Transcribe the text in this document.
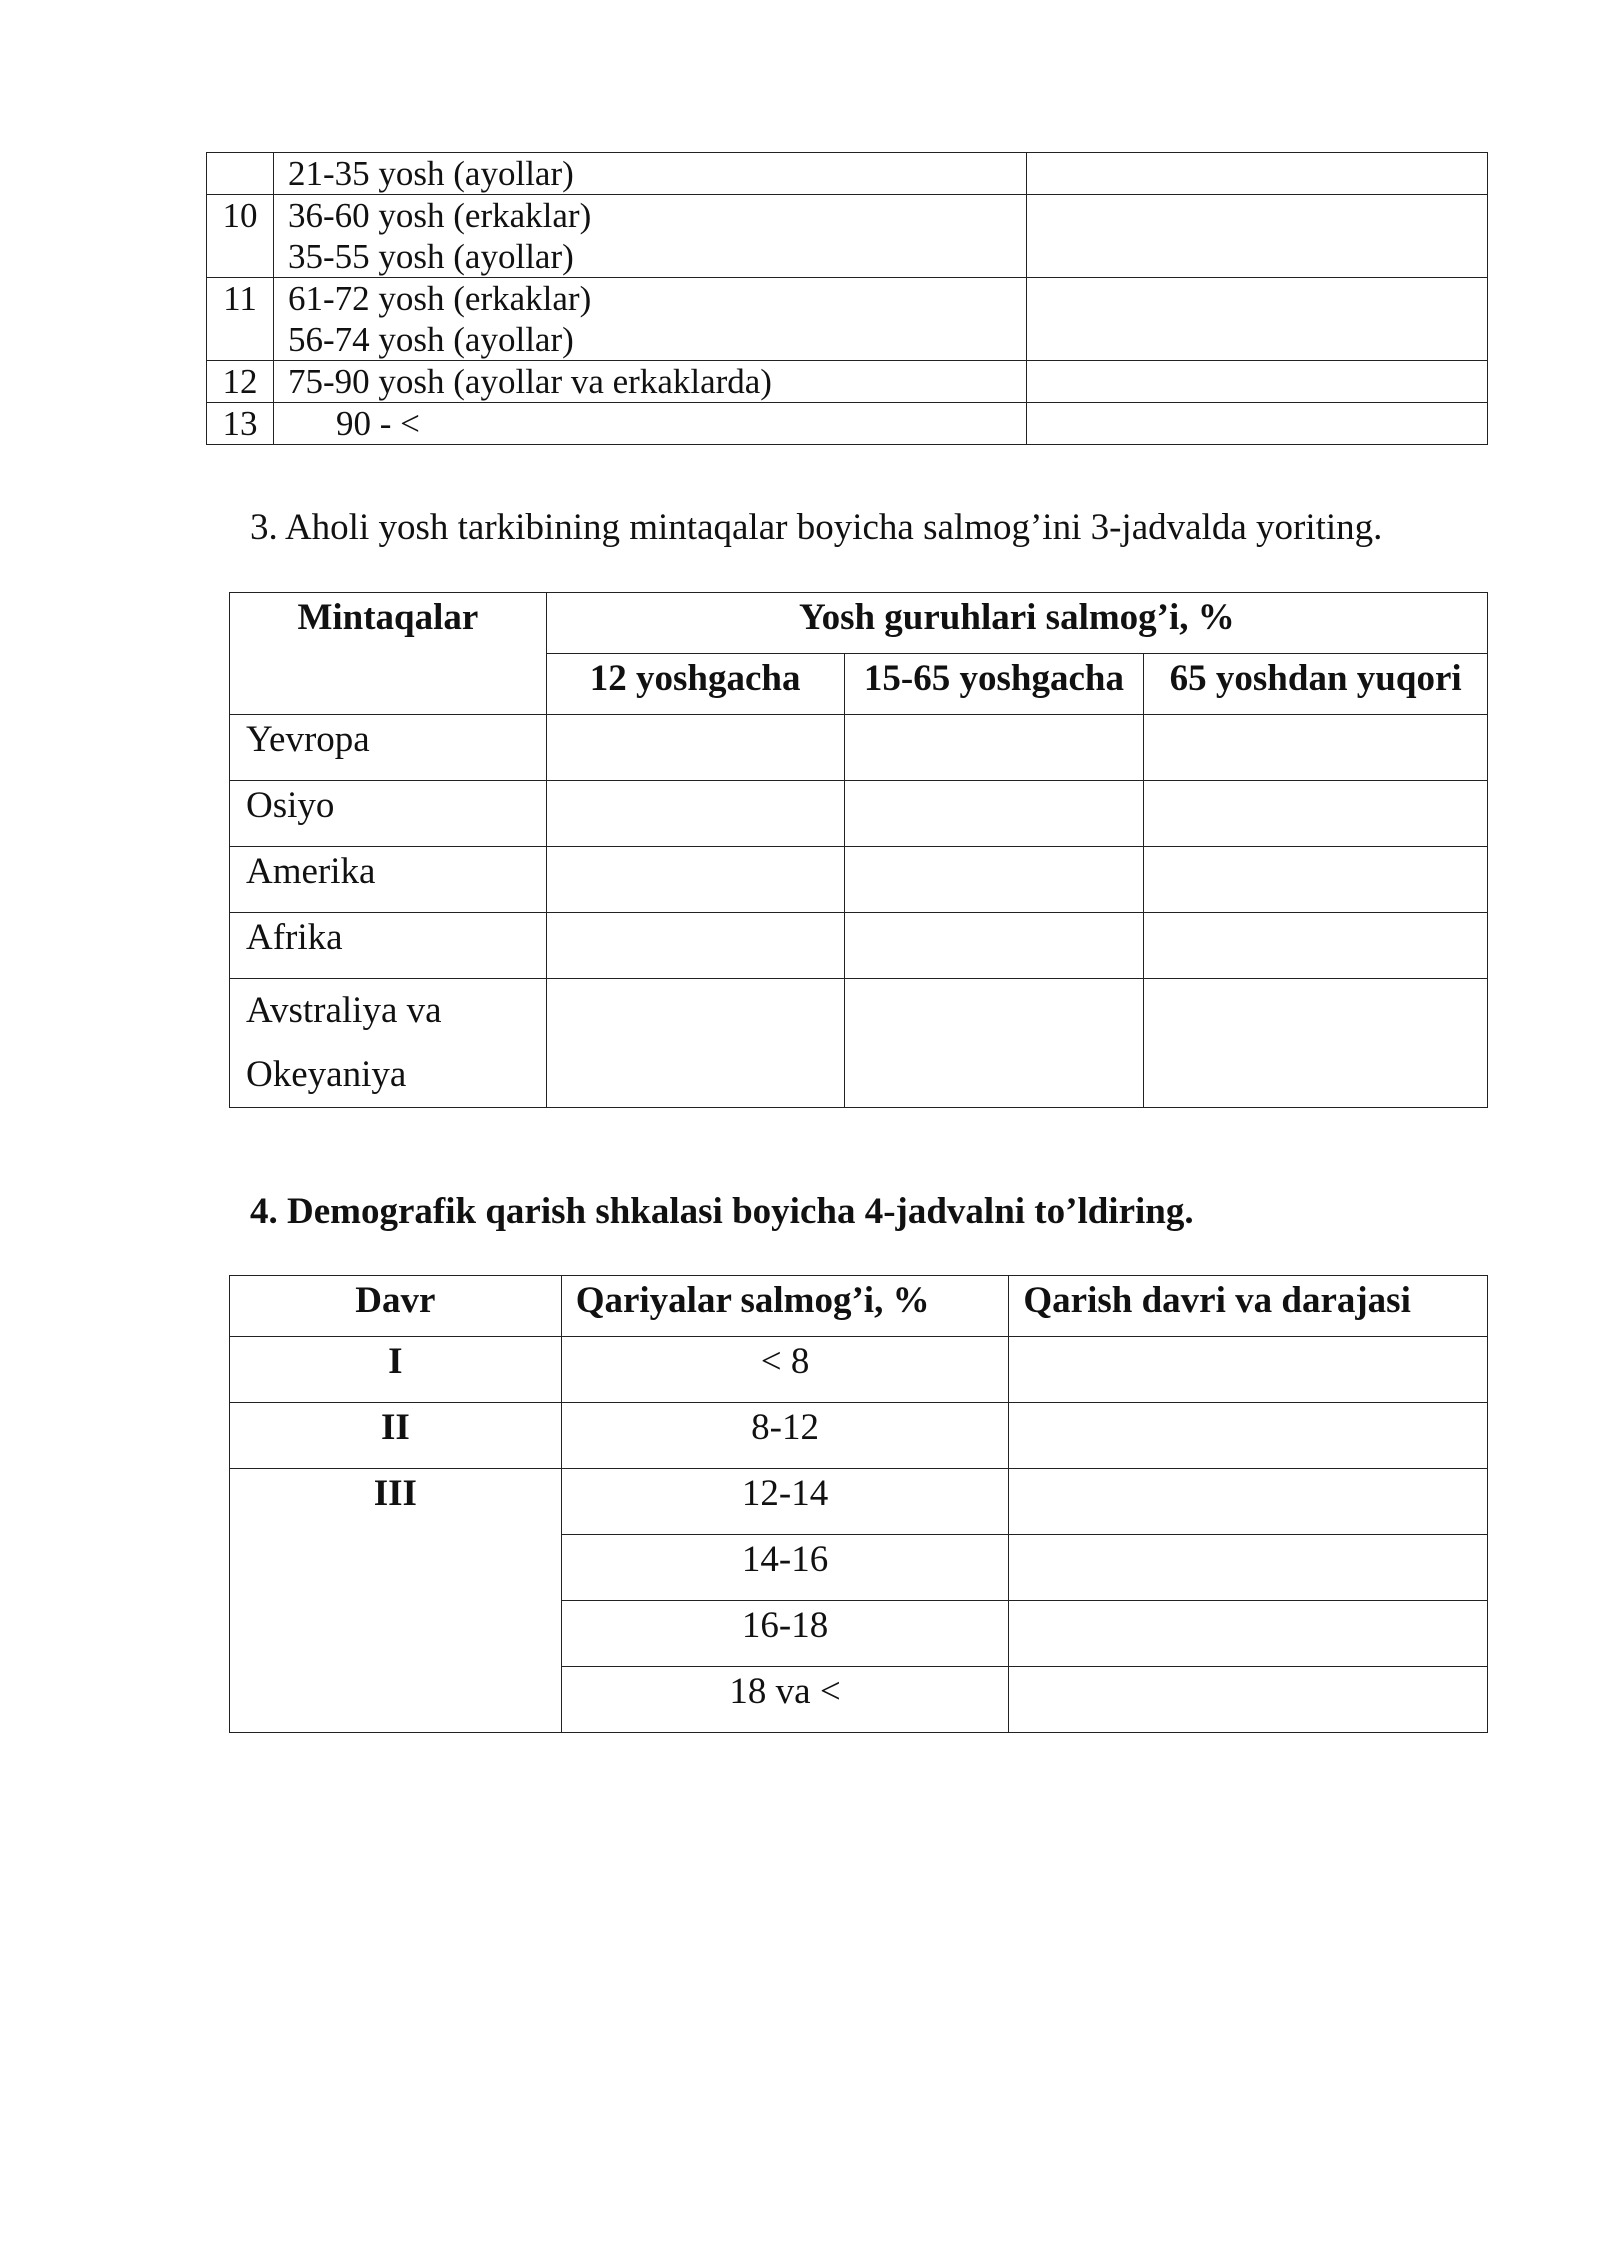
	21-35 yosh (ayollar)	

10	36-60 yosh (erkaklar)
35-55 yosh (ayollar)	

11	61-72 yosh (erkaklar)
56-74 yosh (ayollar)	

12	75-90 yosh (ayollar va erkaklarda)	

13	90 - <	

3. Aholi yosh tarkibining mintaqalar boyicha salmog’ini 3-jadvalda yoriting.
Mintaqalar	Yosh guruhlari salmog’i, %		
	12 yoshgacha	15-65 yoshgacha	65 yoshdan yuqori
Yevropa			
Osiyo			
Amerika			
Afrika			

Avstraliya va
Okeyaniya			

4. Demografik qarish shkalasi boyicha 4-jadvalni to’ldiring.
Davr	Qariyalar salmog’i, %	Qarish davri va darajasi
I	< 8	
II	8-12	
III	12-14	
	14-16	
	16-18	
	18 va <	
